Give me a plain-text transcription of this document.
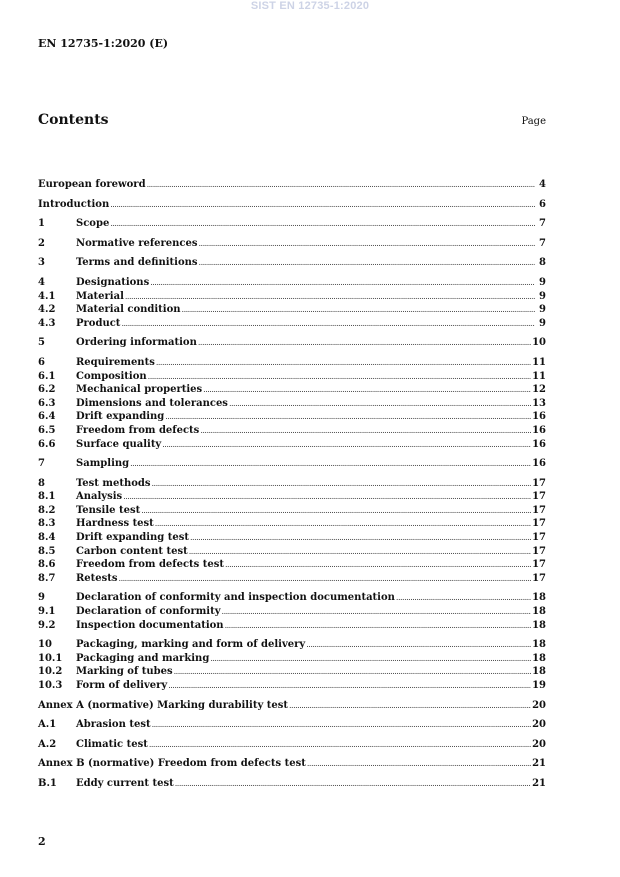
SIST EN 12735-1:2020
EN 12735-1:2020 (E)
Contents	Page
European foreword .....	4
Introduction .....	6
1	Scope .....	7
2	Normative references .....	7
3	Terms and definitions .....	8
4	Designations .....	9
4.1	Material .....	9
4.2	Material condition .....	9
4.3	Product .....	9
5	Ordering information .....	10
6	Requirements .....	11
6.1	Composition .....	11
6.2	Mechanical properties .....	12
6.3	Dimensions and tolerances .....	13
6.4	Drift expanding .....	16
6.5	Freedom from defects .....	16
6.6	Surface quality .....	16
7	Sampling .....	16
8	Test methods .....	17
8.1	Analysis .....	17
8.2	Tensile test .....	17
8.3	Hardness test .....	17
8.4	Drift expanding test .....	17
8.5	Carbon content test .....	17
8.6	Freedom from defects test .....	17
8.7	Retests .....	17
9	Declaration of conformity and inspection documentation .....	18
9.1	Declaration of conformity .....	18
9.2	Inspection documentation .....	18
10	Packaging, marking and form of delivery .....	18
10.1	Packaging and marking .....	18
10.2	Marking of tubes .....	18
10.3	Form of delivery .....	19
Annex A (normative) Marking durability test .....	20
A.1	Abrasion test .....	20
A.2	Climatic test .....	20
Annex B (normative) Freedom from defects test .....	21
B.1	Eddy current test .....	21
2
